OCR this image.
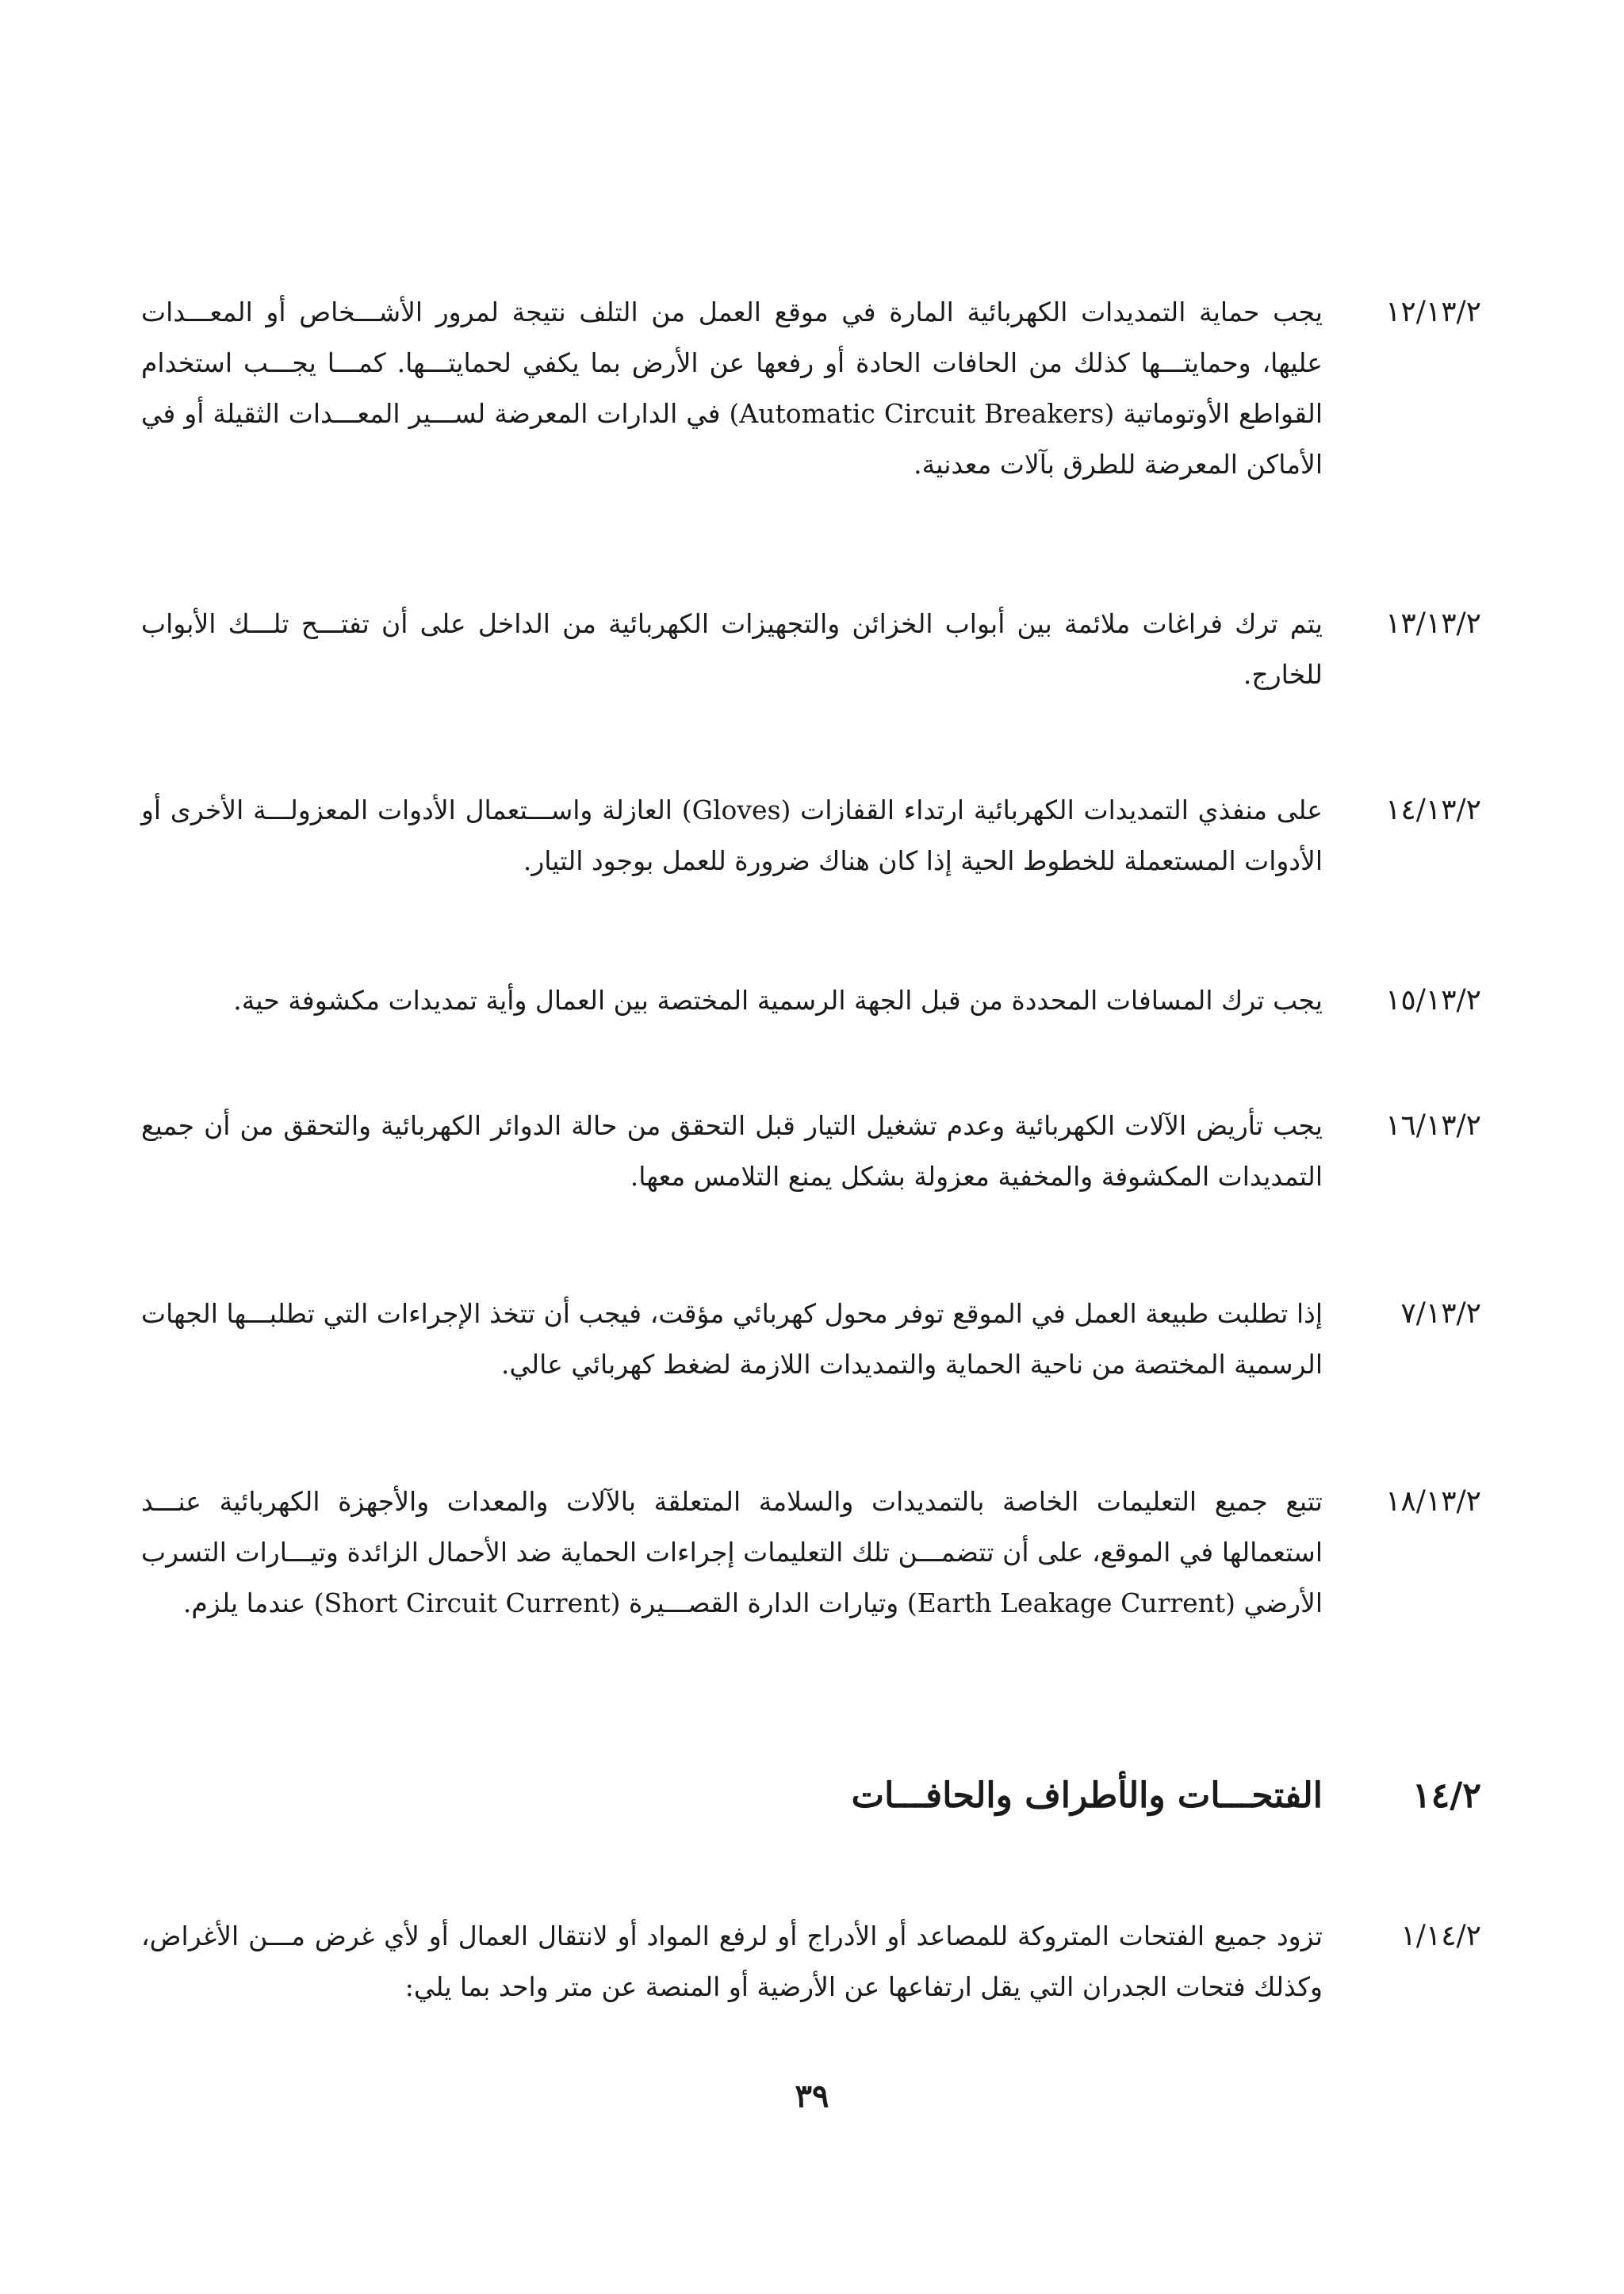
١٢/١٣/٢
يجب حماية التمديدات الكهربائية المارة في موقع العمل من التلف نتيجة لمرور الأشـــخاص أو المعـــدات عليها، وحمايتـــها كذلك من الحافات الحادة أو رفعها عن الأرض بما يكفي لحمايتـــها. كمـــا يجـــب استخدام القواطع الأوتوماتية (Automatic Circuit Breakers) في الدارات المعرضة لســـير المعـــدات الثقيلة أو في الأماكن المعرضة للطرق بآلات معدنية.
١٣/١٣/٢
يتم ترك فراغات ملائمة بين أبواب الخزائن والتجهيزات الكهربائية من الداخل على أن تفتـــح تلـــك الأبواب للخارج.
١٤/١٣/٢
على منفذي التمديدات الكهربائية ارتداء القفازات (Gloves) العازلة واســـتعمال الأدوات المعزولـــة الأخرى أو الأدوات المستعملة للخطوط الحية إذا كان هناك ضرورة للعمل بوجود التيار.
١٥/١٣/٢
يجب ترك المسافات المحددة من قبل الجهة الرسمية المختصة بين العمال وأية تمديدات مكشوفة حية.
١٦/١٣/٢
يجب تأريض الآلات الكهربائية وعدم تشغيل التيار قبل التحقق من حالة الدوائر الكهربائية والتحقق من أن جميع التمديدات المكشوفة والمخفية معزولة بشكل يمنع التلامس معها.
٧/١٣/٢
إذا تطلبت طبيعة العمل في الموقع توفر محول كهربائي مؤقت، فيجب أن تتخذ الإجراءات التي تطلبـــها الجهات الرسمية المختصة من ناحية الحماية والتمديدات اللازمة لضغط كهربائي عالي.
١٨/١٣/٢
تتبع جميع التعليمات الخاصة بالتمديدات والسلامة المتعلقة بالآلات والمعدات والأجهزة الكهربائية عنـــد استعمالها في الموقع، على أن تتضمـــن تلك التعليمات إجراءات الحماية ضد الأحمال الزائدة وتيـــارات التسرب الأرضي (Earth Leakage Current) وتيارات الدارة القصـــيرة (Short Circuit Current) عندما يلزم.
١٤/٢
الفتحـــات والأطراف والحافـــات
١/١٤/٢
تزود جميع الفتحات المتروكة للمصاعد أو الأدراج أو لرفع المواد أو لانتقال العمال أو لأي غرض مـــن الأغراض، وكذلك فتحات الجدران التي يقل ارتفاعها عن الأرضية أو المنصة عن متر واحد بما يلي:
٣٩
